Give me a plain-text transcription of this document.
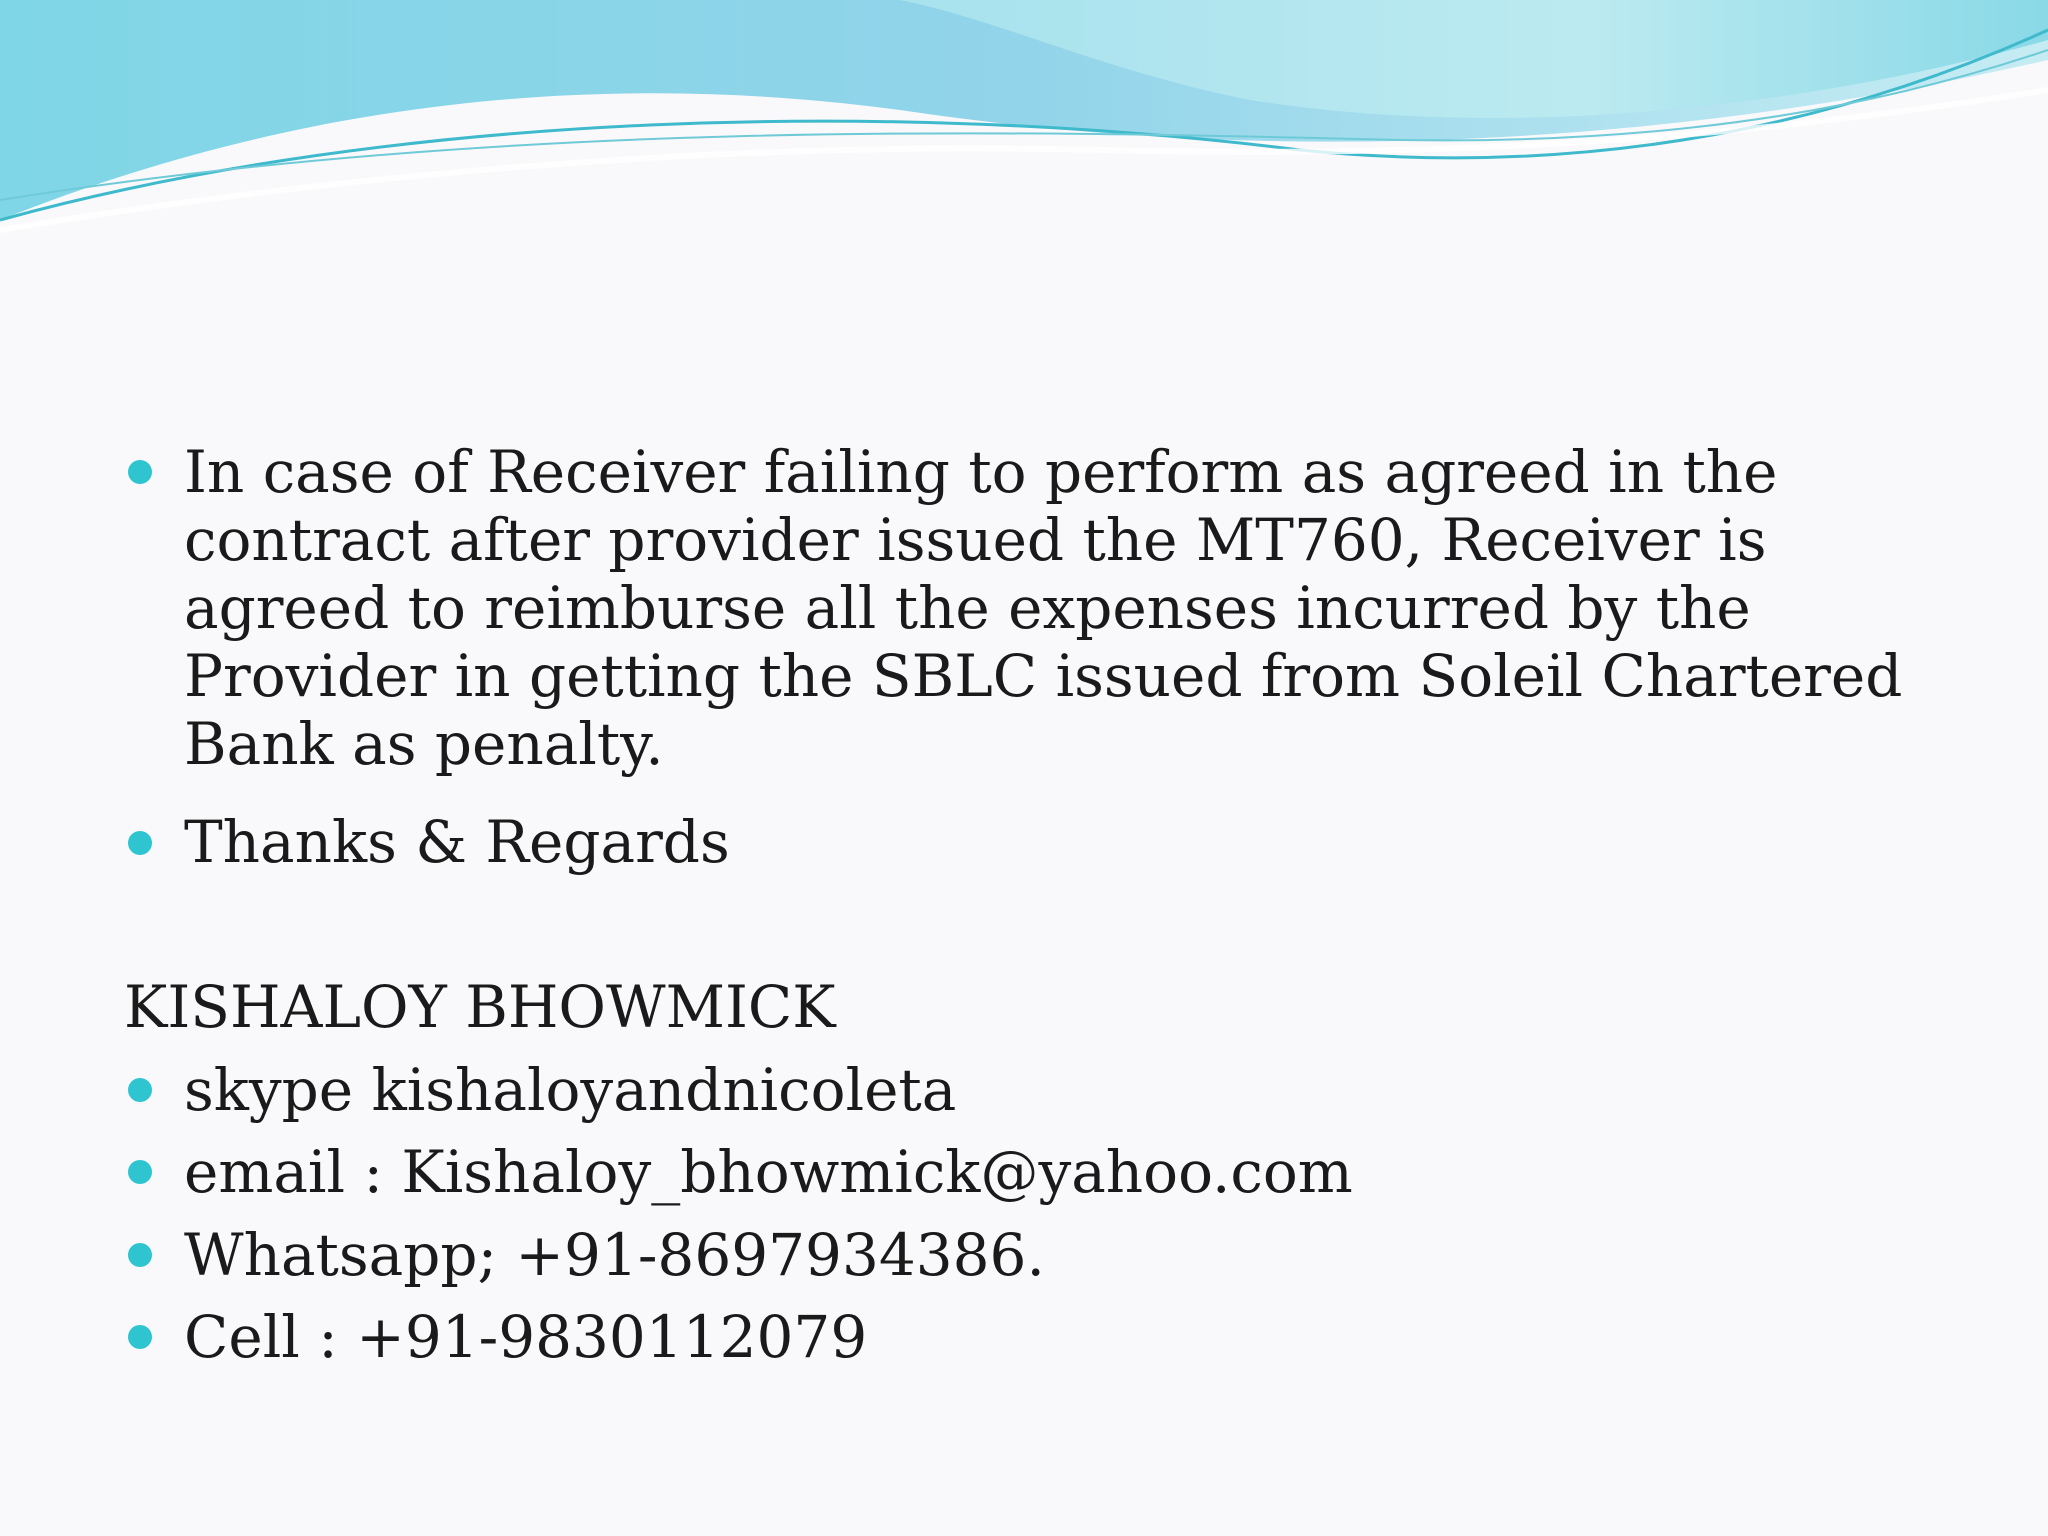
In case of Receiver failing to perform as agreed in the contract after provider issued the MT760, Receiver is agreed to reimburse all the expenses incurred by the Provider in getting the SBLC issued from Soleil Chartered Bank as penalty.
Thanks & Regards
KISHALOY BHOWMICK
skype kishaloyandnicoleta
email : Kishaloy_bhowmick@yahoo.com
Whatsapp; +91-8697934386.
Cell : +91-9830112079
